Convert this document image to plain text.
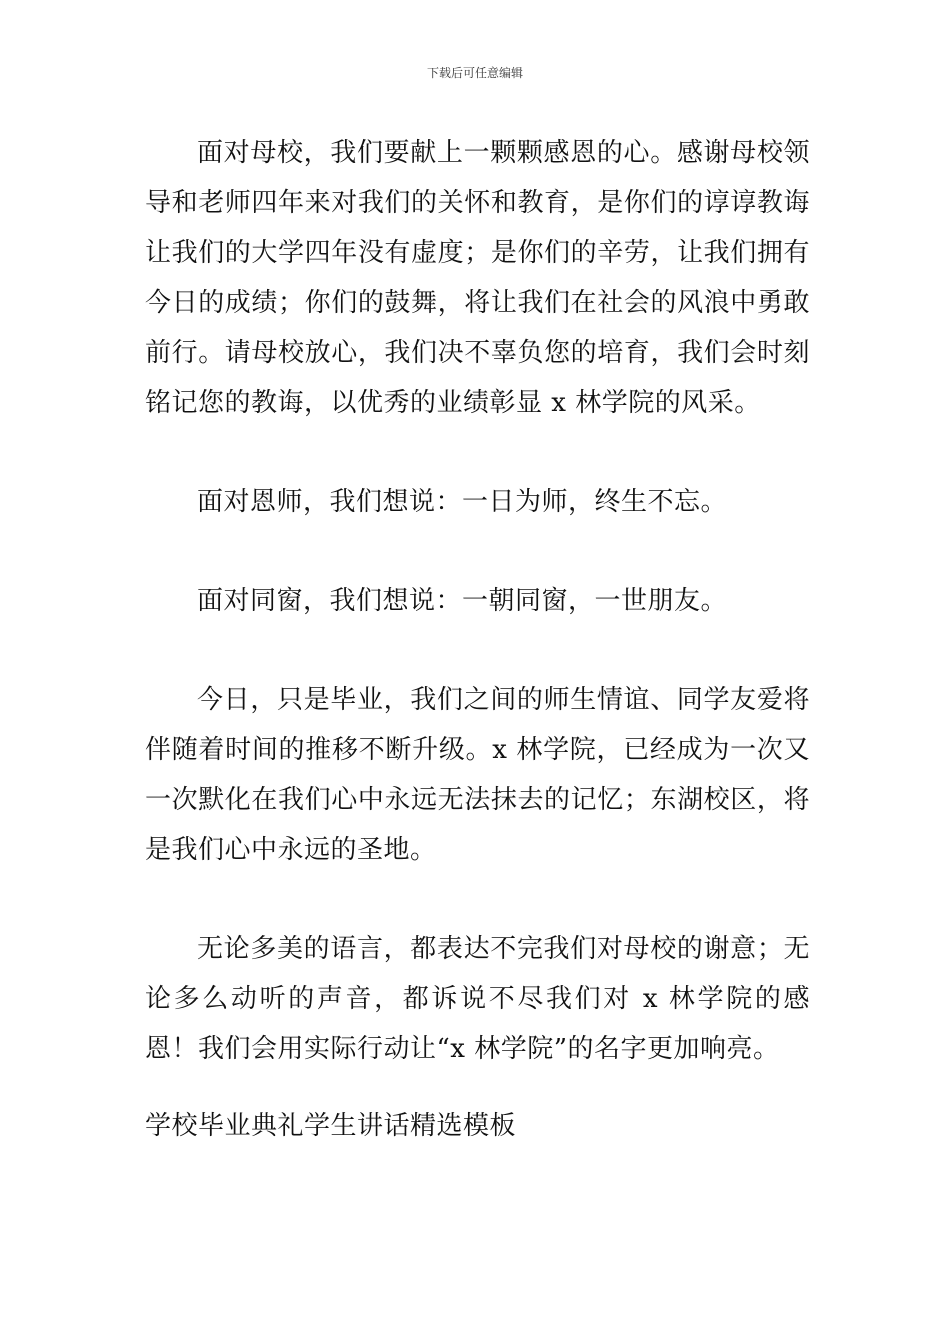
下载后可任意编辑

面对母校，我们要献上一颗颗感恩的心。感谢母校领导和老师四年来对我们的关怀和教育，是你们的谆谆教诲让我们的大学四年没有虚度；是你们的辛劳，让我们拥有今日的成绩；你们的鼓舞，将让我们在社会的风浪中勇敢前行。请母校放心，我们决不辜负您的培育，我们会时刻铭记您的教诲，以优秀的业绩彰显 x 林学院的风采。

面对恩师，我们想说：一日为师，终生不忘。

面对同窗，我们想说：一朝同窗，一世朋友。

今日，只是毕业，我们之间的师生情谊、同学友爱将伴随着时间的推移不断升级。x 林学院，已经成为一次又一次默化在我们心中永远无法抹去的记忆；东湖校区，将是我们心中永远的圣地。

无论多美的语言，都表达不完我们对母校的谢意；无论多么动听的声音，都诉说不尽我们对 x 林学院的感恩！我们会用实际行动让“x 林学院”的名字更加响亮。

学校毕业典礼学生讲话精选模板
